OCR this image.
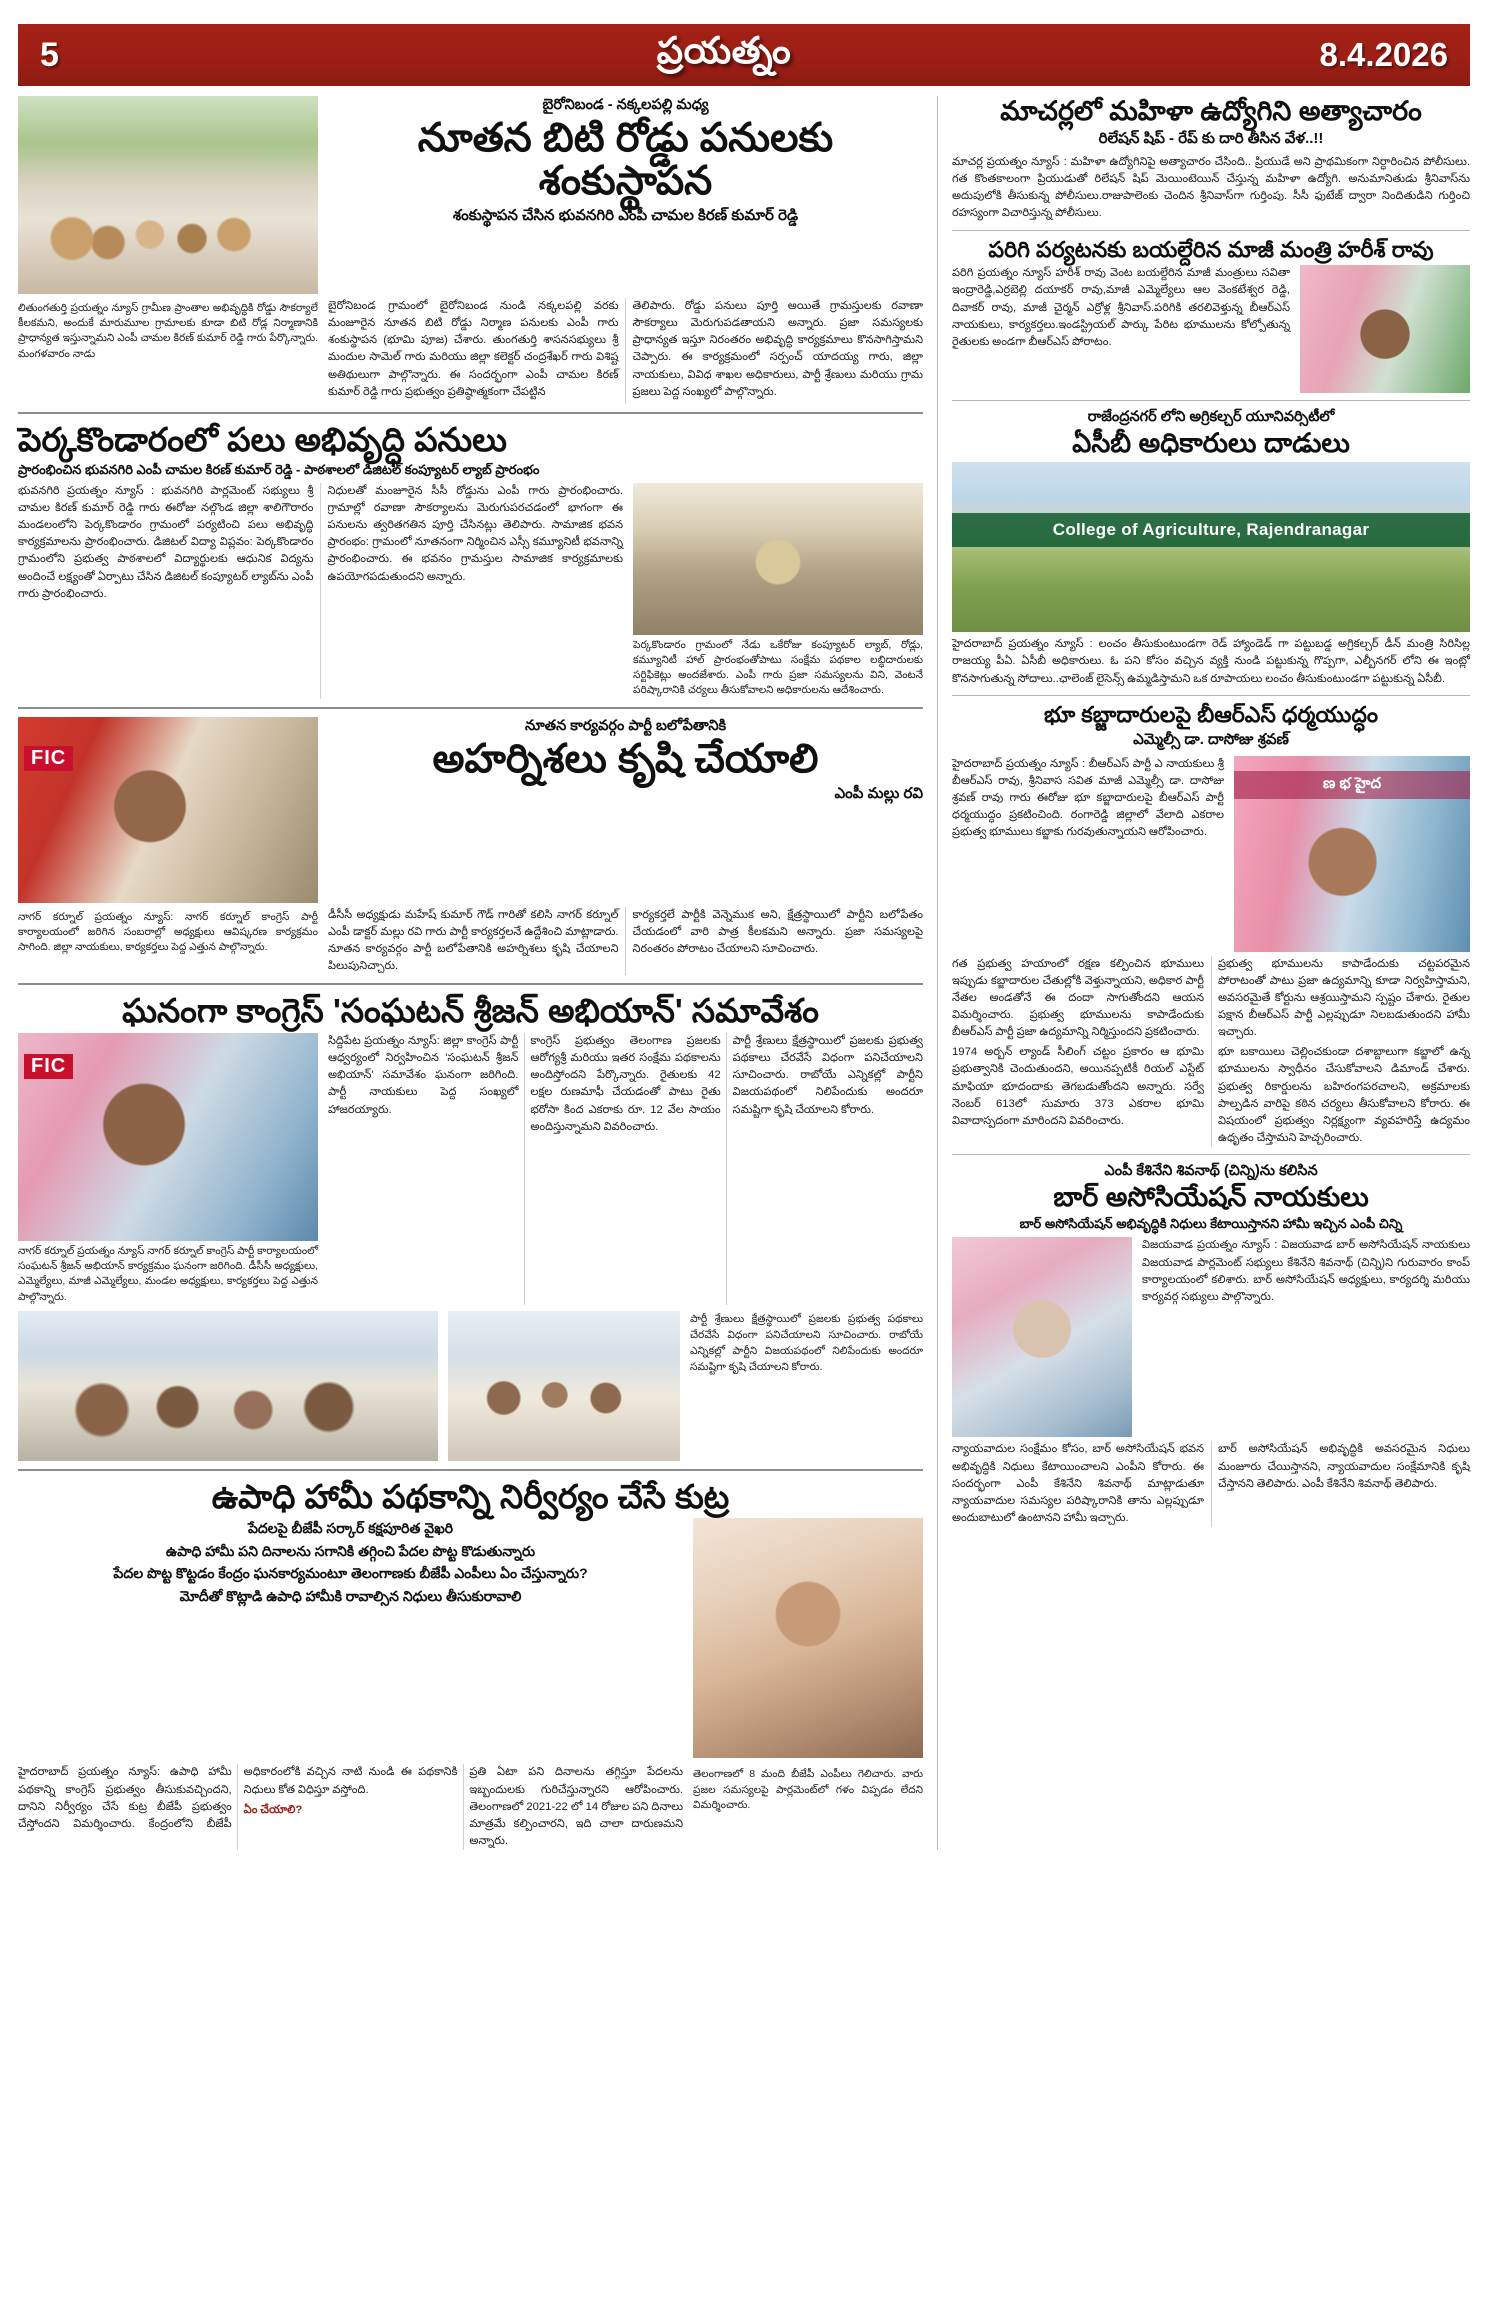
5	ప్రయత్నం	8.4.2026
బైరోనిబండ - నక్కలపల్లి మధ్య
నూతన బిటి రోడ్డు పనులకు శంకుస్థాపన
శంకుస్థాపన చేసిన భువనగిరి ఎంపీ చామల కిరణ్ కుమార్ రెడ్డి
లితుంగతుర్తి ప్రయత్నం న్యూస్ గ్రామీణ ప్రాంతాల అభివృద్ధికి రోడ్డు సౌకర్యాలే కీలకమని, అందుకే మారుమూల గ్రామాలకు కూడా బిటి రోడ్ల నిర్మాణానికి ప్రాధాన్యత ఇస్తున్నామని ఎంపీ చామల కిరణ్ కుమార్ రెడ్డి గారు పేర్కొన్నారు. మంగళవారం నాడు

బైరోనిబండ గ్రామంలో బైరోనిబండ నుండి నక్కలపల్లి వరకు మంజూరైన నూతన బిటి రోడ్డు నిర్మాణ పనులకు ఎంపీ గారు శంకుస్థాపన (భూమి పూజ) చేశారు. తుంగతుర్తి శాసనసభ్యులు శ్రీ మందుల సామెల్ గారు మరియు జిల్లా కలెక్టర్ చంద్రశేఖర్ గారు విశిష్ట అతిథులుగా పాల్గొన్నారు. ఈ సందర్భంగా ఎంపీ చామల కిరణ్ కుమార్ రెడ్డి గారు ప్రభుత్వం ప్రతిష్ఠాత్మకంగా చేపట్టిన

తెలిపారు. రోడ్డు పనులు పూర్తి అయితే గ్రామస్తులకు రవాణా సౌకర్యాలు మెరుగుపడతాయని అన్నారు. ప్రజా సమస్యలకు ప్రాధాన్యత ఇస్తూ నిరంతరం అభివృద్ధి కార్యక్రమాలు కొనసాగిస్తామని చెప్పారు. ఈ కార్యక్రమంలో సర్పంచ్ యాదయ్య గారు, జిల్లా నాయకులు, వివిధ శాఖల అధికారులు, పార్టీ శ్రేణులు మరియు గ్రామ ప్రజలు పెద్ద సంఖ్యలో పాల్గొన్నారు.

పెర్కకొండారంలో పలు అభివృద్ధి పనులు
ప్రారంభించిన భువనగిరి ఎంపీ చామల కిరణ్ కుమార్ రెడ్డి - పాఠశాలలో డిజిటల్ కంప్యూటర్ ల్యాబ్ ప్రారంభం

భువనగిరి ప్రయత్నం న్యూస్ : భువనగిరి పార్లమెంట్ సభ్యులు శ్రీ చామల కిరణ్ కుమార్ రెడ్డి గారు ఈరోజు నల్గొండ జిల్లా శాలిగౌరారం మండలంలోని పెర్కకొండారం గ్రామంలో పర్యటించి పలు అభివృద్ధి కార్యక్రమాలను ప్రారంభించారు. డిజిటల్ విద్యా విప్లవం: పెర్కకొండారం గ్రామంలోని ప్రభుత్వ పాఠశాలలో విద్యార్థులకు ఆధునిక విద్యను అందించే లక్ష్యంతో ఏర్పాటు చేసిన డిజిటల్ కంప్యూటర్ ల్యాబ్‌ను ఎంపీ గారు ప్రారంభించారు.

నిధులతో మంజూరైన సీసీ రోడ్డును ఎంపీ గారు ప్రారంభించారు. గ్రామాల్లో రవాణా సౌకర్యాలను మెరుగుపరచడంలో భాగంగా ఈ పనులను త్వరితగతిన పూర్తి చేసినట్లు తెలిపారు. సామాజిక భవన ప్రారంభం: గ్రామంలో నూతనంగా నిర్మించిన ఎస్సీ కమ్యూనిటీ భవనాన్ని ప్రారంభించారు. ఈ భవనం గ్రామస్తుల సామాజిక కార్యక్రమాలకు ఉపయోగపడుతుందని అన్నారు.

పెర్కకొండారం గ్రామంలో నేడు ఒకేరోజు కంప్యూటర్ ల్యాబ్, రోడ్లు, కమ్యూనిటీ హాల్ ప్రారంభంతోపాటు సంక్షేమ పథకాల లబ్ధిదారులకు సర్టిఫికెట్లు అందజేశారు. ఎంపీ గారు ప్రజా సమస్యలను విని, వెంటనే పరిష్కారానికి చర్యలు తీసుకోవాలని అధికారులను ఆదేశించారు.
FIC
నూతన కార్యవర్గం పార్టీ బలోపేతానికి
అహర్నిశలు కృషి చేయాలి
ఎంపీ మల్లు రవి
నాగర్ కర్నూల్ ప్రయత్నం న్యూస్: నాగర్ కర్నూల్ కాంగ్రెస్ పార్టీ కార్యాలయంలో జరిగిన సంబరాల్లో అధ్యక్షులు ఆవిష్కరణ కార్యక్రమం సాగింది. జిల్లా నాయకులు, కార్యకర్తలు పెద్ద ఎత్తున పాల్గొన్నారు.

డీసీసీ అధ్యక్షుడు మహేష్ కుమార్ గౌడ్ గారితో కలిసి నాగర్ కర్నూల్ ఎంపీ డాక్టర్ మల్లు రవి గారు పార్టీ కార్యకర్తలనే ఉద్దేశించి మాట్లాడారు. నూతన కార్యవర్గం పార్టీ బలోపేతానికి అహర్నిశలు కృషి చేయాలని పిలుపునిచ్చారు.

కార్యకర్తలే పార్టీకి వెన్నెముక అని, క్షేత్రస్థాయిలో పార్టీని బలోపేతం చేయడంలో వారి పాత్ర కీలకమని అన్నారు. ప్రజా సమస్యలపై నిరంతరం పోరాటం చేయాలని సూచించారు.

ఘనంగా కాంగ్రెస్ 'సంఘటన్ శ్రీజన్ అభియాన్' సమావేశం
FIC
నాగర్ కర్నూల్ ప్రయత్నం న్యూస్ నాగర్ కర్నూల్ కాంగ్రెస్ పార్టీ కార్యాలయంలో సంఘటన్ శ్రీజన్ అభియాన్ కార్యక్రమం ఘనంగా జరిగింది. డీసీసీ అధ్యక్షులు, ఎమ్మెల్యేలు, మాజీ ఎమ్మెల్యేలు, మండల అధ్యక్షులు, కార్యకర్తలు పెద్ద ఎత్తున పాల్గొన్నారు.

సిద్దిపేట ప్రయత్నం న్యూస్: జిల్లా కాంగ్రెస్ పార్టీ ఆధ్వర్యంలో నిర్వహించిన 'సంఘటన్ శ్రీజన్ అభియాన్' సమావేశం ఘనంగా జరిగింది. పార్టీ నాయకులు పెద్ద సంఖ్యలో హాజరయ్యారు.

కాంగ్రెస్ ప్రభుత్వం తెలంగాణ ప్రజలకు ఆరోగ్యశ్రీ మరియు ఇతర సంక్షేమ పథకాలను అందిస్తోందని పేర్కొన్నారు. రైతులకు 42 లక్షల రుణమాఫీ చేయడంతో పాటు రైతు భరోసా కింద ఎకరాకు రూ. 12 వేల సాయం అందిస్తున్నామని వివరించారు.

పార్టీ శ్రేణులు క్షేత్రస్థాయిలో ప్రజలకు ప్రభుత్వ పథకాలు చేరవేసే విధంగా పనిచేయాలని సూచించారు. రాబోయే ఎన్నికల్లో పార్టీని విజయపథంలో నిలిపేందుకు అందరూ సమష్టిగా కృషి చేయాలని కోరారు.

పార్టీ శ్రేణులు క్షేత్రస్థాయిలో ప్రజలకు ప్రభుత్వ పథకాలు చేరవేసే విధంగా పనిచేయాలని సూచించారు. రాబోయే ఎన్నికల్లో పార్టీని విజయపథంలో నిలిపేందుకు అందరూ సమష్టిగా కృషి చేయాలని కోరారు.

ఉపాధి హామీ పథకాన్ని నిర్వీర్యం చేసే కుట్ర
పేదలపై బీజేపీ సర్కార్ కక్షపూరిత వైఖరి
ఉపాధి హామీ పని దినాలను సగానికి తగ్గించి పేదల పొట్ట కొడుతున్నారు
పేదల పొట్ట కొట్టడం కేంద్రం ఘనకార్యమంటూ తెలంగాణకు బీజేపీ ఎంపీలు ఏం చేస్తున్నారు?
మోదీతో కొట్లాడి ఉపాధి హామీకి రావాల్సిన నిధులు తీసుకురావాలి

హైదరాబాద్ ప్రయత్నం న్యూస్: ఉపాధి హామీ పథకాన్ని కాంగ్రెస్ ప్రభుత్వం తీసుకువచ్చిందని, దానిని నిర్వీర్యం చేసే కుట్ర బీజేపీ ప్రభుత్వం చేస్తోందని విమర్శించారు. కేంద్రంలోని బీజేపీ అధికారంలోకి వచ్చిన నాటి నుండి ఈ పథకానికి నిధులు కోత విధిస్తూ వస్తోంది.

ఏం చేయాలి?

ప్రతి ఏటా పని దినాలను తగ్గిస్తూ పేదలను ఇబ్బందులకు గురిచేస్తున్నారని ఆరోపించారు. తెలంగాణలో 2021-22 లో 14 రోజుల పని దినాలు మాత్రమే కల్పించారని, ఇది చాలా దారుణమని అన్నారు.

తెలంగాణలో 8 మంది బీజేపీ ఎంపీలు గెలిచారు. వారు ప్రజల సమస్యలపై పార్లమెంట్‌లో గళం విప్పడం లేదని విమర్శించారు.
మాచర్లలో మహిళా ఉద్యోగిని అత్యాచారం
రిలేషన్ షిప్ - రేప్ కు దారి తీసిన వేళ..!!
మాచర్ల ప్రయత్నం న్యూస్ : మహిళా ఉద్యోగినిపై అత్యాచారం చేసింది.. ప్రియుడే అని ప్రాథమికంగా నిర్ధారించిన పోలీసులు. గత కొంతకాలంగా ప్రియుడుతో రిలేషన్ షిప్ మెయింటెయిన్ చేస్తున్న మహిళా ఉద్యోగి. అనుమానితుడు శ్రీనివాస్‌ను అదుపులోకి తీసుకున్న పోలీసులు.రాజుపాలెంకు చెందిన శ్రీనివాస్‌గా గుర్తింపు. సీసీ ఫుటేజ్ ద్వారా నిందితుడిని గుర్తించి రహస్యంగా విచారిస్తున్న పోలీసులు.
పరిగి పర్యటనకు బయల్దేరిన మాజీ మంత్రి హరీశ్ రావు
పరిగి ప్రయత్నం న్యూస్ హరీశ్ రావు వెంట బయల్దేరిన మాజీ మంత్రులు సవితా ఇంద్రారెడ్డి,ఎర్రబెల్లి దయాకర్ రావు,మాజీ ఎమ్మెల్యేలు ఆల వెంకటేశ్వర రెడ్డి, దివాకర్ రావు, మాజీ చైర్మన్ ఎర్రోళ్ల శ్రీనివాస్.పరిగికి తరలివెళ్తున్న బీఆర్ఎస్ నాయకులు, కార్యకర్తలు.ఇండస్ట్రియల్ పార్కు పేరిట భూములను కోల్పోతున్న రైతులకు అండగా బీఆర్ఎస్ పోరాటం.
రాజేంద్రనగర్ లోని అగ్రికల్చర్ యూనివర్సిటీలో
ఏసీబీ అధికారులు దాడులు
College of Agriculture, Rajendranagar
హైదరాబాద్ ప్రయత్నం న్యూస్ : లంచం తీసుకుంటుండగా రెడ్ హ్యాండెడ్ గా పట్టుబడ్డ అగ్రికల్చర్ డీన్ మంత్రి సిరిసిల్ల రాజయ్య పీఏ. ఏసీబీ అధికారులు. ఓ పని కోసం వచ్చిన వ్యక్తి నుండి పట్టుకున్న గొప్పగా, ఎల్బీనగర్ లోని ఈ ఇంట్లో కొనసాగుతున్న సోదాలు..ఛాలెంజ్ లైసెన్స్ ఉమ్మడిస్తామని ఒక రూపాయలు లంచం తీసుకుంటుండగా పట్టుకున్న ఏసీబీ.
భూ కబ్జాదారులపై బీఆర్ఎస్ ధర్మయుద్ధం
ఎమ్మెల్సీ డా. దాసోజు శ్రవణ్
హైదరాబాద్ ప్రయత్నం న్యూస్ : బీఆర్ఎస్ పార్టీ ఎ నాయకులు శ్రీ బీఆర్ఎస్ రావు, శ్రీనివాస సవిత మాజీ ఎమ్మెల్సీ డా. దాసోజు శ్రవణ్ రావు గారు ఈరోజు భూ కబ్జాదారులపై బీఆర్ఎస్ పార్టీ ధర్మయుద్ధం ప్రకటించింది. రంగారెడ్డి జిల్లాలో వేలాది ఎకరాల ప్రభుత్వ భూములు కబ్జాకు గురవుతున్నాయని ఆరోపించారు.
ణ భ హైద

గత ప్రభుత్వ హయాంలో రక్షణ కల్పించిన భూములు ఇప్పుడు కబ్జాదారుల చేతుల్లోకి వెళ్తున్నాయని, అధికార పార్టీ నేతల అండతోనే ఈ దందా సాగుతోందని ఆయన విమర్శించారు. ప్రభుత్వ భూములను కాపాడేందుకు బీఆర్ఎస్ పార్టీ ప్రజా ఉద్యమాన్ని నిర్మిస్తుందని ప్రకటించారు.

1974 అర్బన్ ల్యాండ్ సీలింగ్ చట్టం ప్రకారం ఆ భూమి ప్రభుత్వానికి చెందుతుందని, అయినప్పటికీ రియల్ ఎస్టేట్ మాఫియా భూదందాకు తెగబడుతోందని అన్నారు. సర్వే నెంబర్ 613లో సుమారు 373 ఎకరాల భూమి వివాదాస్పదంగా మారిందని వివరించారు.

ప్రభుత్వ భూములను కాపాడేందుకు చట్టపరమైన పోరాటంతో పాటు ప్రజా ఉద్యమాన్ని కూడా నిర్వహిస్తామని, అవసరమైతే కోర్టును ఆశ్రయిస్తామని స్పష్టం చేశారు. రైతుల పక్షాన బీఆర్ఎస్ పార్టీ ఎల్లప్పుడూ నిలబడుతుందని హామీ ఇచ్చారు.

భూ బకాయిలు చెల్లించకుండా దశాబ్దాలుగా కబ్జాలో ఉన్న భూములను స్వాధీనం చేసుకోవాలని డిమాండ్ చేశారు. ప్రభుత్వ రికార్డులను బహిరంగపరచాలని, అక్రమాలకు పాల్పడిన వారిపై కఠిన చర్యలు తీసుకోవాలని కోరారు. ఈ విషయంలో ప్రభుత్వం నిర్లక్ష్యంగా వ్యవహరిస్తే ఉద్యమం ఉధృతం చేస్తామని హెచ్చరించారు.

ఎంపీ కేశినేని శివనాథ్ (చిన్ని)ను కలిసిన
బార్ అసోసియేషన్ నాయకులు
బార్ అసోసియేషన్ అభివృద్ధికి నిధులు కేటాయిస్తానని హామీ ఇచ్చిన ఎంపీ చిన్ని
విజయవాడ ప్రయత్నం న్యూస్ : విజయవాడ బార్ అసోసియేషన్ నాయకులు విజయవాడ పార్లమెంట్ సభ్యులు కేశినేని శివనాథ్ (చిన్ని)ని గురువారం కాంప్ కార్యాలయంలో కలిశారు. బార్ అసోసియేషన్ అధ్యక్షులు, కార్యదర్శి మరియు కార్యవర్గ సభ్యులు పాల్గొన్నారు.

న్యాయవాదుల సంక్షేమం కోసం, బార్ అసోసియేషన్ భవన అభివృద్ధికి నిధులు కేటాయించాలని ఎంపీని కోరారు. ఈ సందర్భంగా ఎంపీ కేశినేని శివనాథ్ మాట్లాడుతూ న్యాయవాదుల సమస్యల పరిష్కారానికి తాను ఎల్లప్పుడూ అందుబాటులో ఉంటానని హామీ ఇచ్చారు.

బార్ అసోసియేషన్ అభివృద్ధికి అవసరమైన నిధులు మంజూరు చేయిస్తానని, న్యాయవాదుల సంక్షేమానికి కృషి చేస్తానని తెలిపారు. ఎంపీ కేశినేని శివనాథ్ తెలిపారు.
